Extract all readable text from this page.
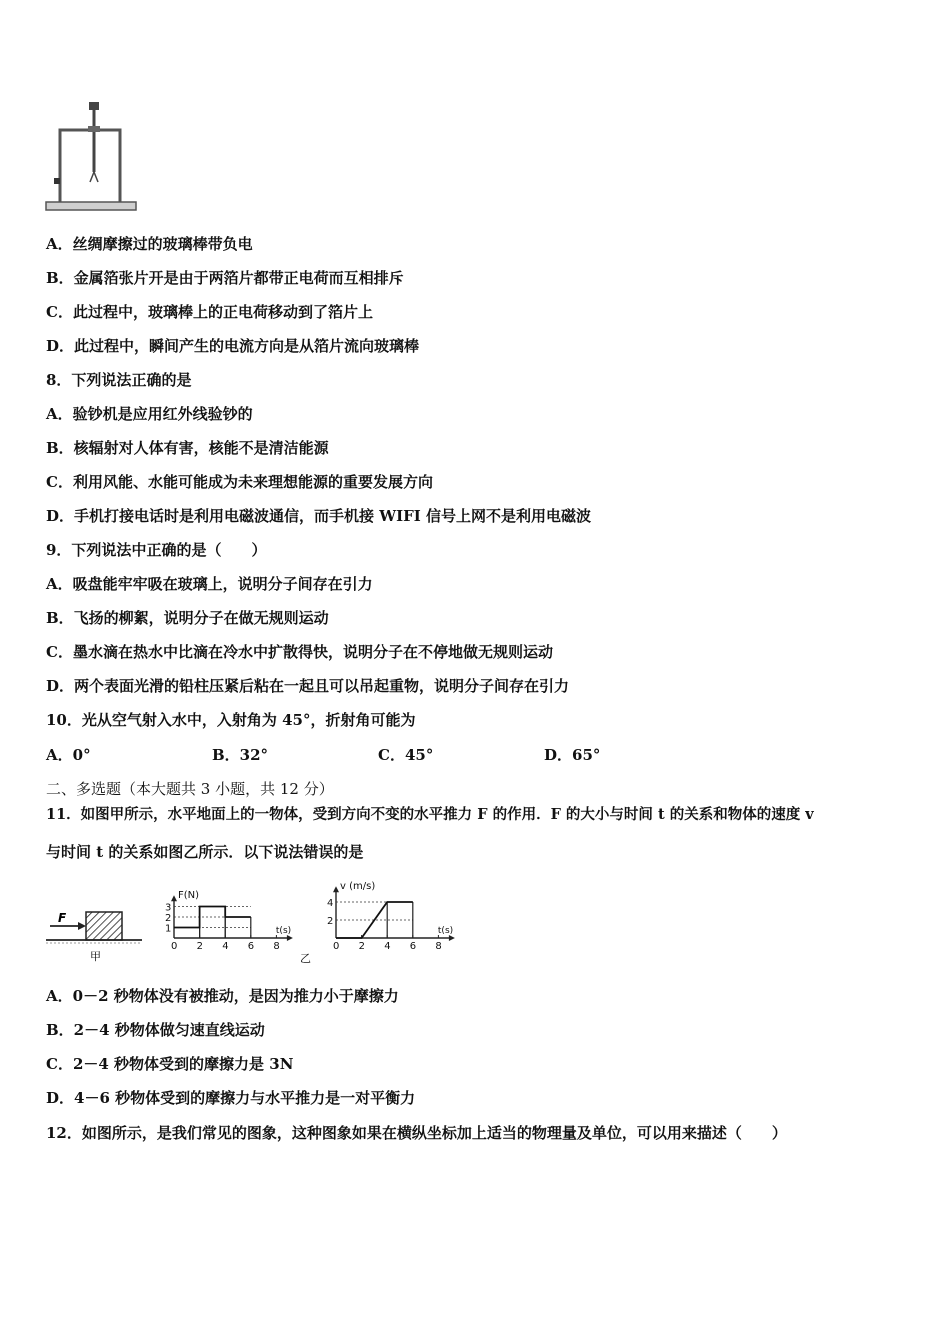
A．丝绸摩擦过的玻璃棒带负电
B．金属箔张片开是由于两箔片都带正电荷而互相排斥
C．此过程中，玻璃棒上的正电荷移动到了箔片上
D．此过程中，瞬间产生的电流方向是从箔片流向玻璃棒
8．下列说法正确的是
A．验钞机是应用红外线验钞的
B．核辐射对人体有害，核能不是清洁能源
C．利用风能、水能可能成为未来理想能源的重要发展方向
D．手机打接电话时是利用电磁波通信，而手机接 WIFI 信号上网不是利用电磁波
9．下列说法中正确的是（　　）
A．吸盘能牢牢吸在玻璃上，说明分子间存在引力
B．飞扬的柳絮，说明分子在做无规则运动
C．墨水滴在热水中比滴在冷水中扩散得快，说明分子在不停地做无规则运动
D．两个表面光滑的铅柱压紧后粘在一起且可以吊起重物，说明分子间存在引力
10．光从空气射入水中，入射角为 45°，折射角可能为
A．0°	B．32°	C．45°	D．65°
二、多选题（本大题共 3 小题，共 12 分）
11．如图甲所示，水平地面上的一物体，受到方向不变的水平推力 F 的作用．F 的大小与时间 t 的关系和物体的速度 v
与时间 t 的关系如图乙所示．以下说法错误的是
F
甲
0 2 4 6 8
1
2
3
F(N)
t(s)
0 2 4 6 8
2
4
v (m/s)
t(s)
乙
A．0－2 秒物体没有被推动，是因为推力小于摩擦力
B．2－4 秒物体做匀速直线运动
C．2－4 秒物体受到的摩擦力是 3N
D．4－6 秒物体受到的摩擦力与水平推力是一对平衡力
12．如图所示，是我们常见的图象，这种图象如果在横纵坐标加上适当的物理量及单位，可以用来描述（　　）
